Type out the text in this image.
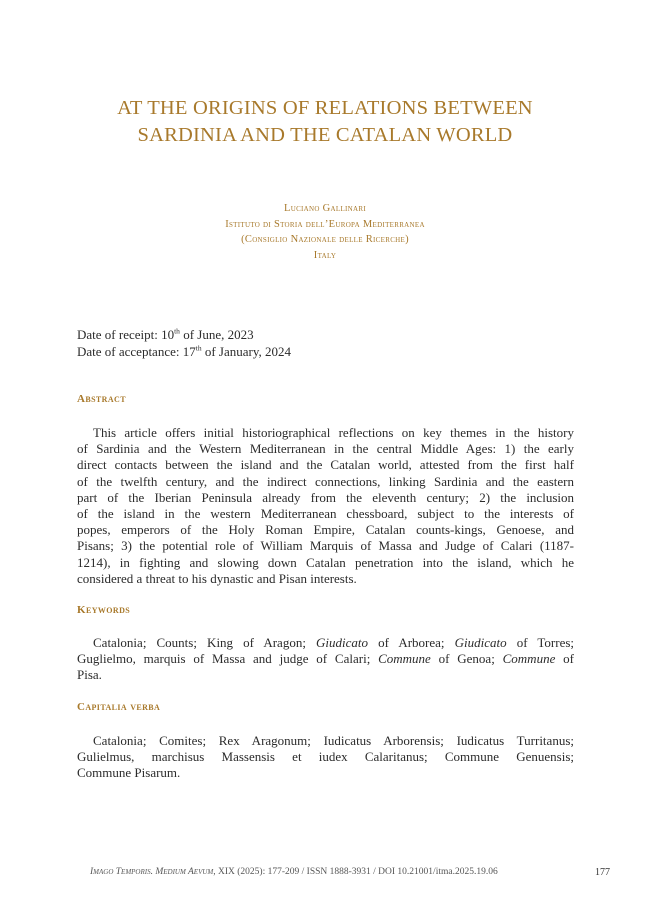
AT THE ORIGINS OF RELATIONS BETWEEN
SARDINIA AND THE CATALAN WORLD
Luciano Gallinari
Istituto di Storia dell’Europa Mediterranea
(Consiglio Nazionale delle Ricerche)
Italy
Date of receipt: 10th of June, 2023
Date of acceptance: 17th of January, 2024
Abstract
This article offers initial historiographical reflections on key themes in the history
of Sardinia and the Western Mediterranean in the central Middle Ages: 1) the early
direct contacts between the island and the Catalan world, attested from the first half
of the twelfth century, and the indirect connections, linking Sardinia and the eastern
part of the Iberian Peninsula already from the eleventh century; 2) the inclusion
of the island in the western Mediterranean chessboard, subject to the interests of
popes, emperors of the Holy Roman Empire, Catalan counts-kings, Genoese, and
Pisans; 3) the potential role of William Marquis of Massa and Judge of Calari (1187-
1214), in fighting and slowing down Catalan penetration into the island, which he
considered a threat to his dynastic and Pisan interests.
Keywords
Catalonia; Counts; King of Aragon; Giudicato of Arborea; Giudicato of Torres;
Guglielmo, marquis of Massa and judge of Calari; Commune of Genoa; Commune of
Pisa.
Capitalia verba
Catalonia; Comites; Rex Aragonum; Iudicatus Arborensis; Iudicatus Turritanus;
Gulielmus, marchisus Massensis et iudex Calaritanus; Commune Genuensis;
Commune Pisarum.
Imago Temporis. Medium Aevum, XIX (2025): 177-209 / ISSN 1888-3931 / DOI 10.21001/itma.2025.19.06	177
